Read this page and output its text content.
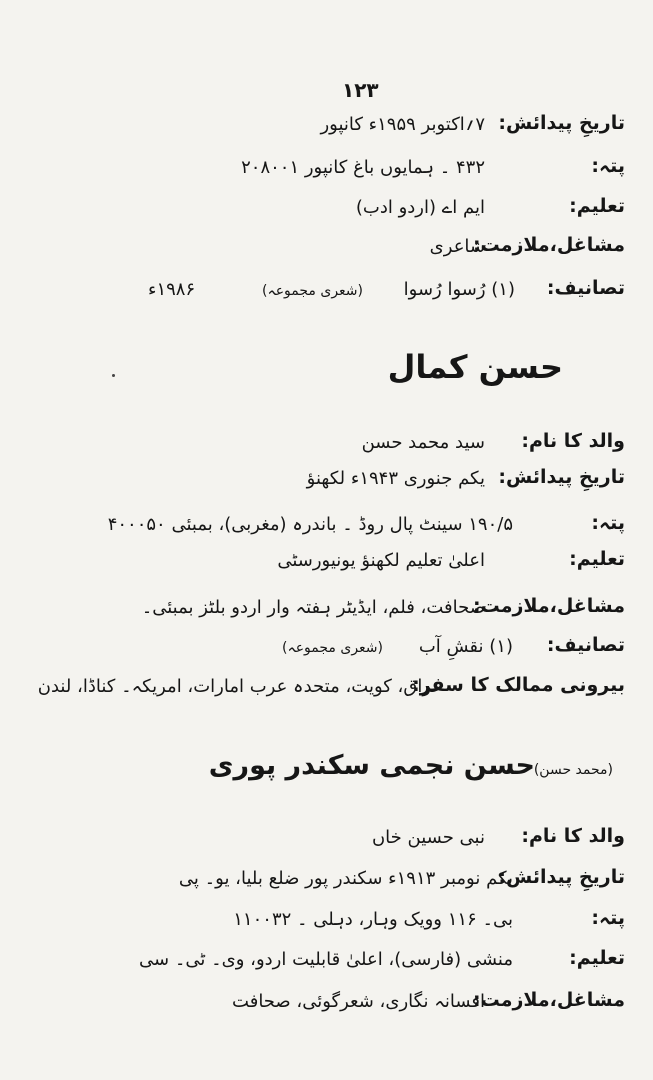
۱۲۳
تاریخِ پیدائش:
۷؍اکتوبر ۱۹۵۹ء کانپور
پتہ:
۴۳۲ ۔ ہمایوں باغ کانپور ۲۰۸۰۰۱
تعلیم:
ایم اے (اردو ادب)
مشاغل،ملازمت:
شاعری
تصانیف:
(۱) رُسوا رُسوا
(شعری مجموعہ)
۱۹۸۶ء
حسن کمال
والد کا نام:
سید محمد حسن
تاریخِ پیدائش:
یکم جنوری ۱۹۴۳ء لکھنؤ
پتہ:
۱۹۰/۵ سینٹ پال روڈ ۔ باندرہ (مغربی)، بمبئی ۴۰۰۰۵۰
تعلیم:
اعلیٰ تعلیم لکھنؤ یونیورسٹی
مشاغل،ملازمت:
صحافت، فلم، ایڈیٹر ہفتہ وار اردو بلٹز بمبئی۔
تصانیف:
(۱) نقشِ آب
(شعری مجموعہ)
بیرونی ممالک کا سفر:
عراق، کویت، متحدہ عرب امارات، امریکہ۔ کناڈا، لندن
حسن نجمی سکندر پوری
(محمد حسن)
والد کا نام:
نبی حسین خاں
تاریخِ پیدائش:
یکم نومبر ۱۹۱۳ء سکندر پور ضلع بلیا، یو۔ پی
پتہ:
بی۔ ۱۱۶ وویک وہار، دہلی ۔ ۱۱۰۰۳۲
تعلیم:
منشی (فارسی)، اعلیٰ قابلیت اردو، وی۔ ٹی۔ سی
مشاغل،ملازمت:
افسانہ نگاری، شعرگوئی، صحافت
